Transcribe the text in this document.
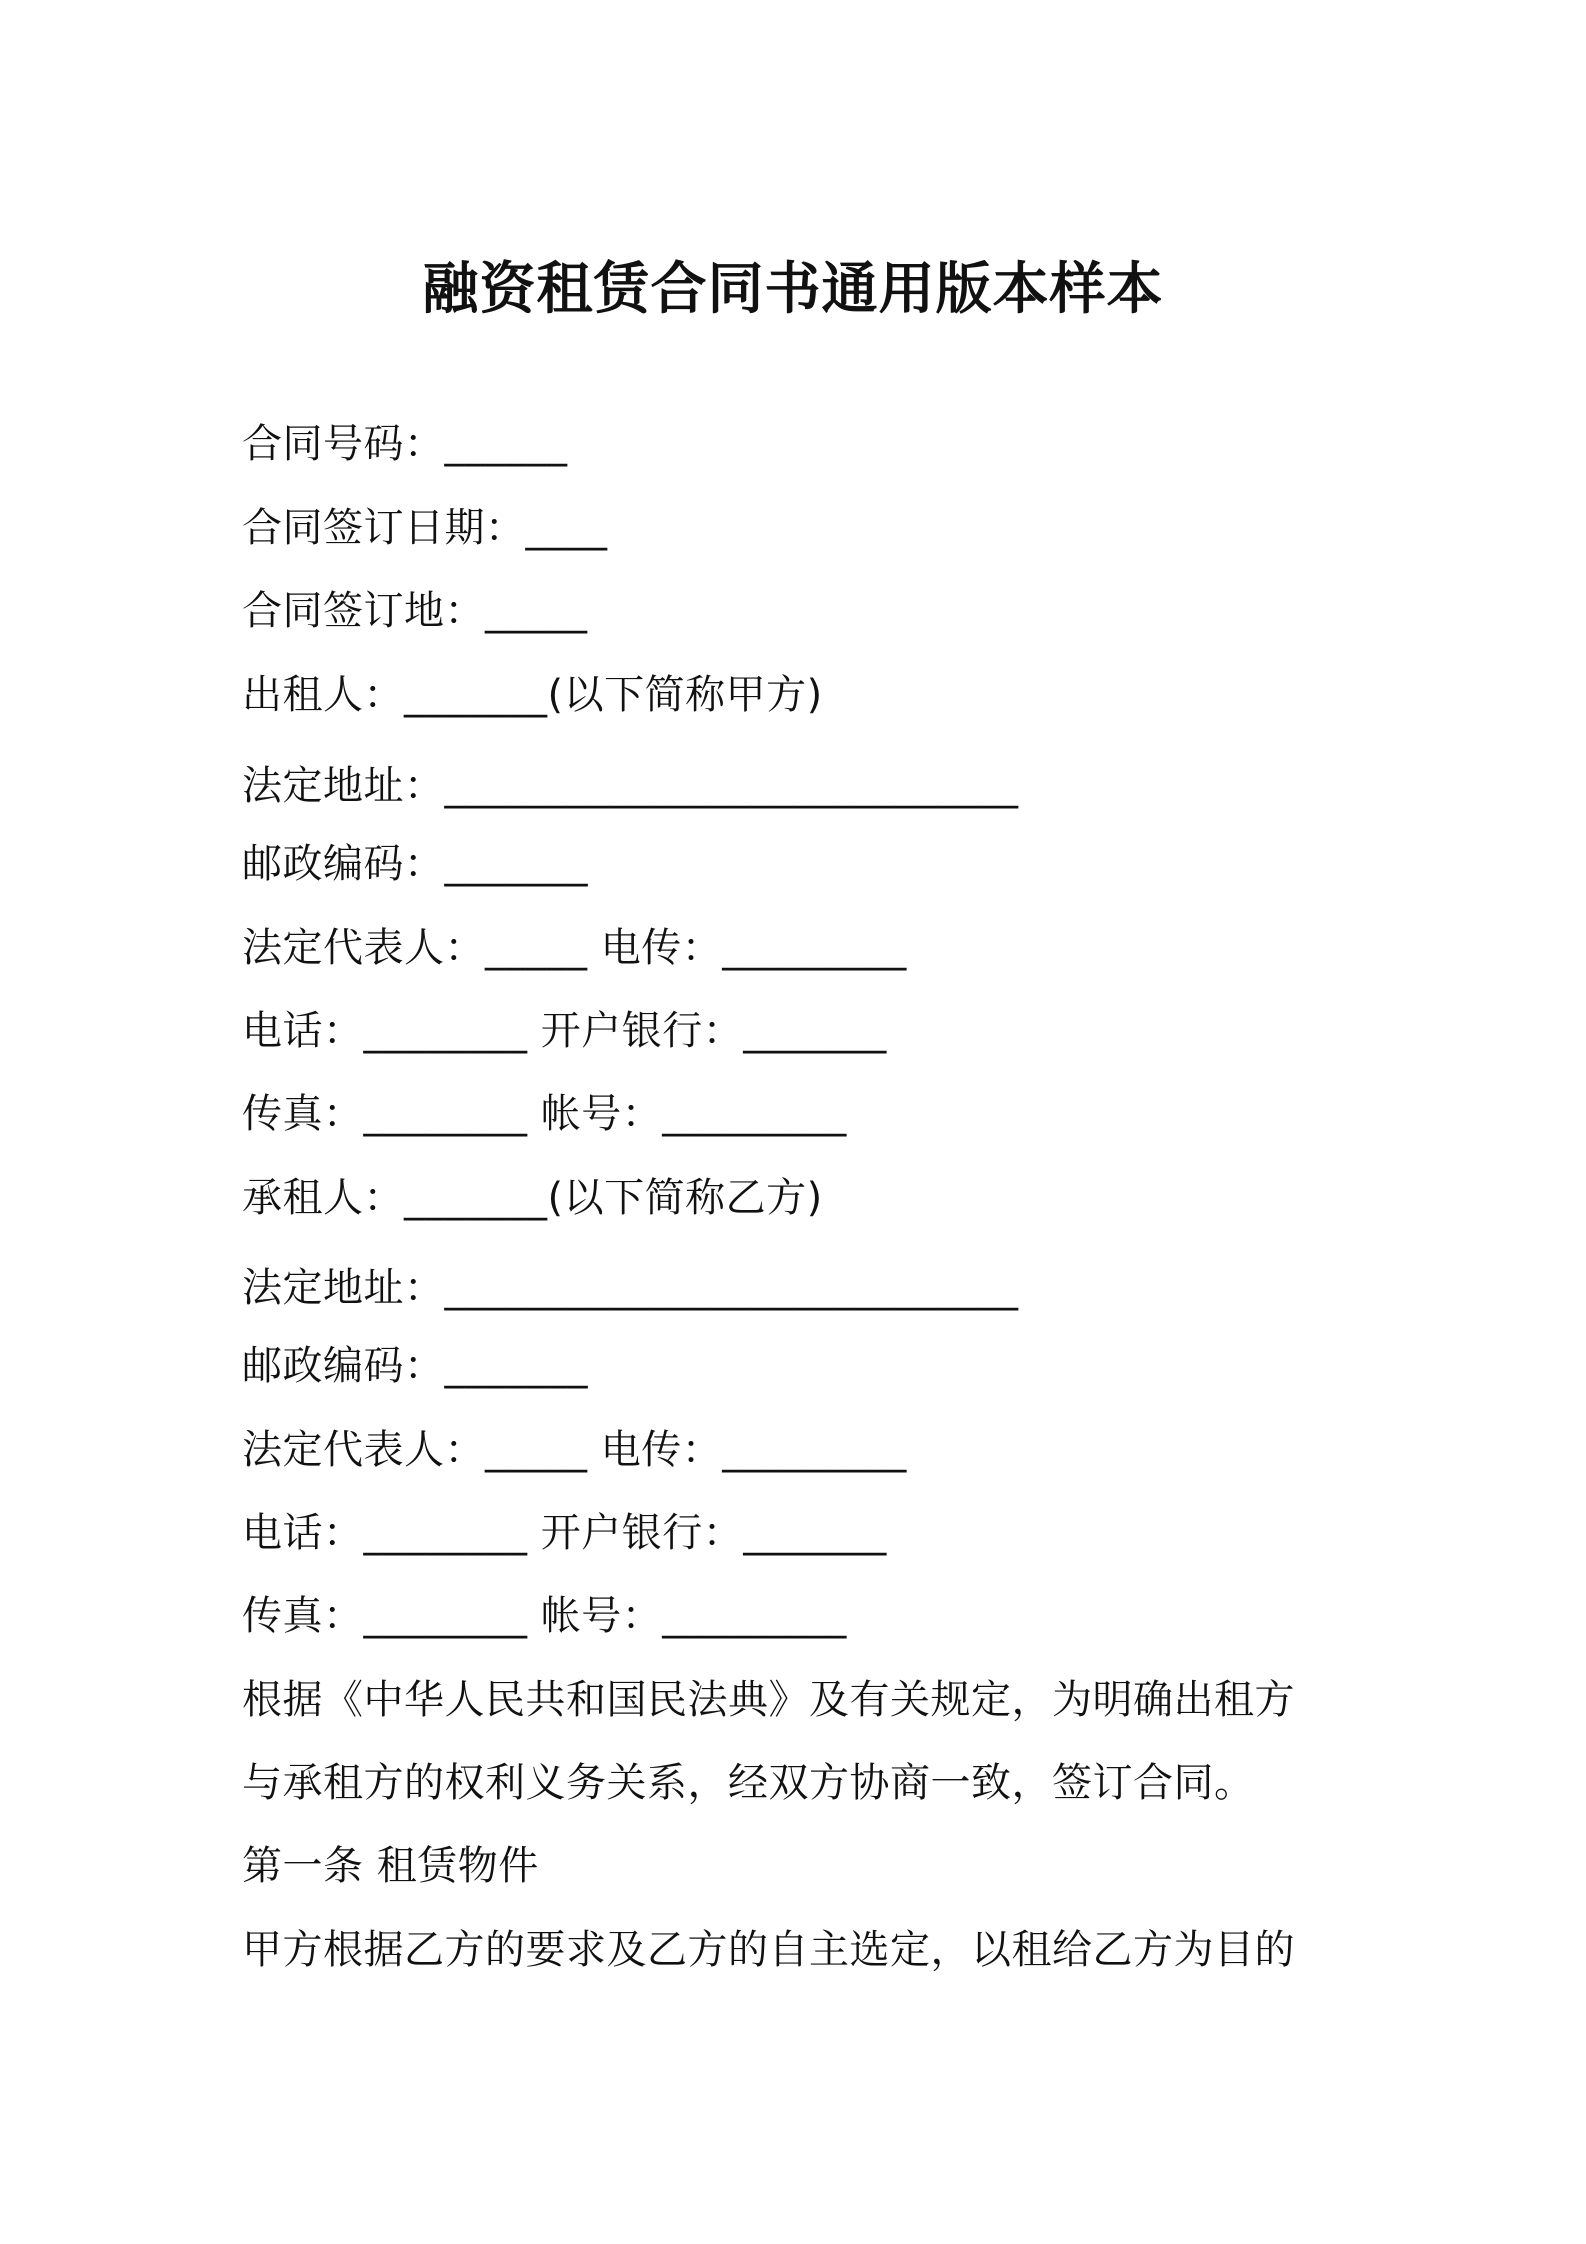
融资租赁合同书通用版本样本
合同号码：______
合同签订日期：____
合同签订地：_____
出租人：_______(以下简称甲方)
法定地址：____________________________
邮政编码：_______
法定代表人：_____ 电传：_________
电话：________ 开户银行：_______
传真：________ 帐号：_________
承租人：_______(以下简称乙方)
法定地址：____________________________
邮政编码：_______
法定代表人：_____ 电传：_________
电话：________ 开户银行：_______
传真：________ 帐号：_________
根据《中华人民共和国民法典》及有关规定，为明确出租方
与承租方的权利义务关系，经双方协商一致，签订合同。
第一条 租赁物件
甲方根据乙方的要求及乙方的自主选定，以租给乙方为目的
